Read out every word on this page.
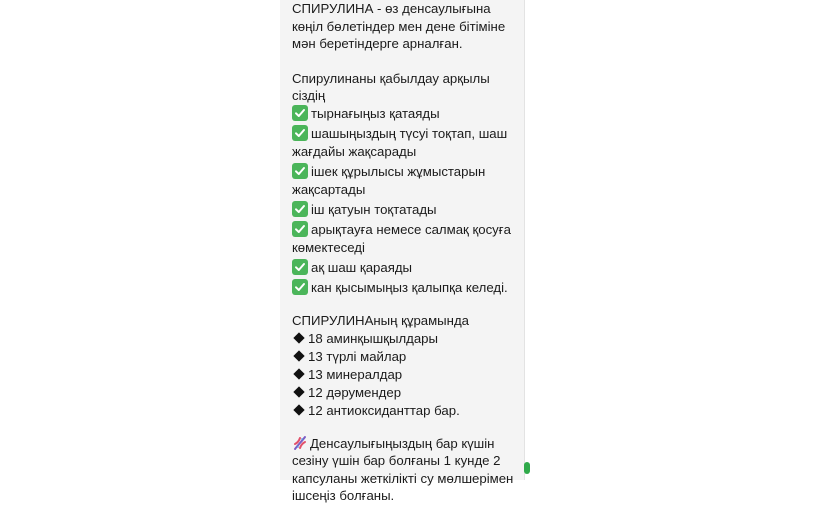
СПИРУЛИНА - өз денсаулығына көңіл бөлетіндер мен дене бітіміне мән беретіндерге арналған.

Спирулинаны қабылдау арқылы сіздің

тырнағыңыз қатаяды
шашыңыздың түсуі тоқтап, шаш жағдайы жақсарады
ішек құрылысы жұмыстарын жақсартады
іш қатуын тоқтатады
арықтауға немесе салмақ қосуға көмектеседі
ақ шаш қараяды
кан қысымыңыз қалыпқа келеді.

СПИРУЛИНАның құрамында

18 аминқышқылдары
13 түрлі майлар
13 минералдар
12 дәрумендер
12 антиоксиданттар бар.

Денсаулығыңыздың бар күшін сезіну үшін бар болғаны 1 кунде 2 капсуланы жеткілікті су мөлшерімен ішсеңіз болғаны.
